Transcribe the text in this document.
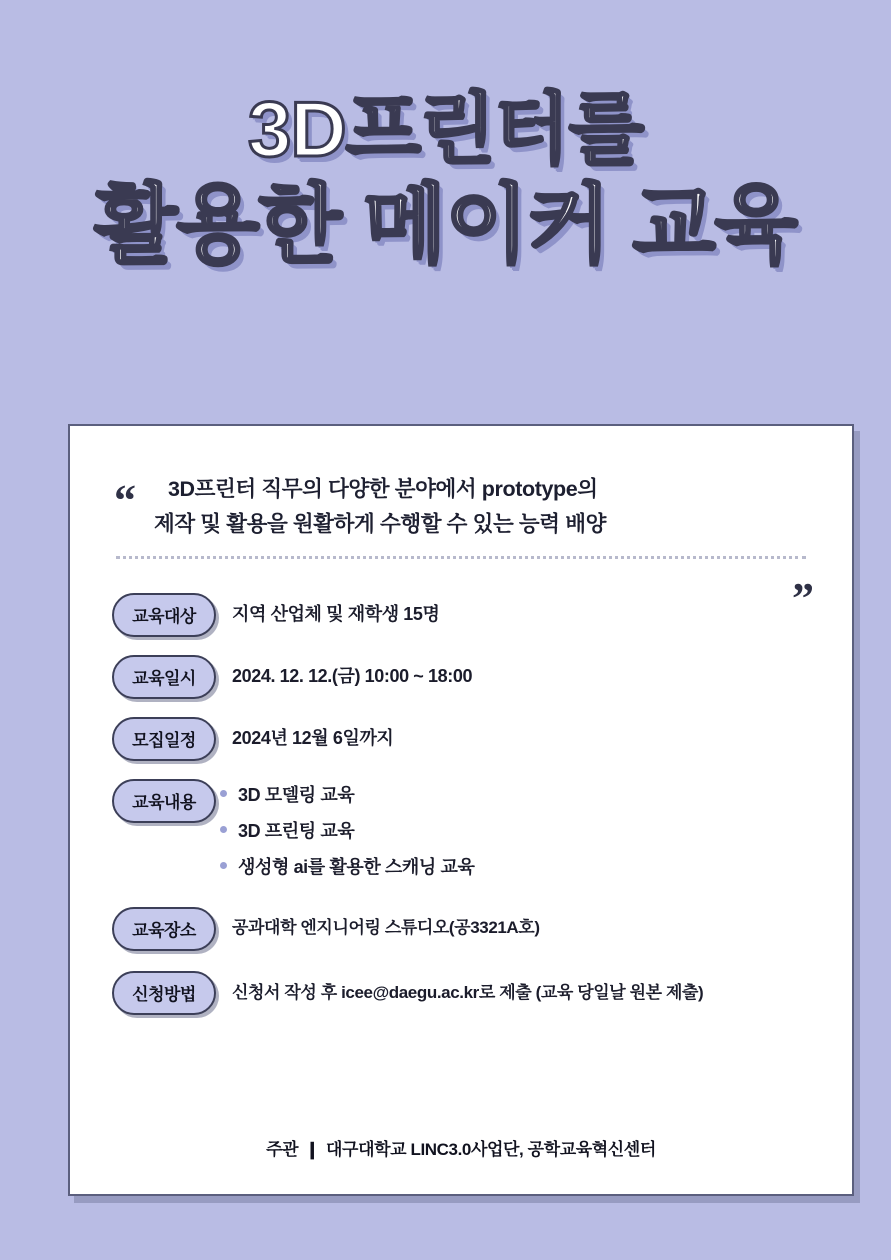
3D프린터를
활용한 메이커 교육
“ 3D프린터 직무의 다양한 분야에서 prototype의
제작 및 활용을 원활하게 수행할 수 있는 능력 배양
”
교육대상	지역 산업체 및 재학생 15명
교육일시	2024. 12. 12.(금) 10:00 ~ 18:00
모집일정	2024년 12월 6일까지
교육내용	3D 모델링 교육
3D 프린팅 교육
생성형 ai를 활용한 스캐닝 교육
교육장소	공과대학 엔지니어링 스튜디오(공3321A호)
신청방법	신청서 작성 후 icee@daegu.ac.kr로 제출 (교육 당일날 원본 제출)
주관 ❙ 대구대학교 LINC3.0사업단, 공학교육혁신센터
